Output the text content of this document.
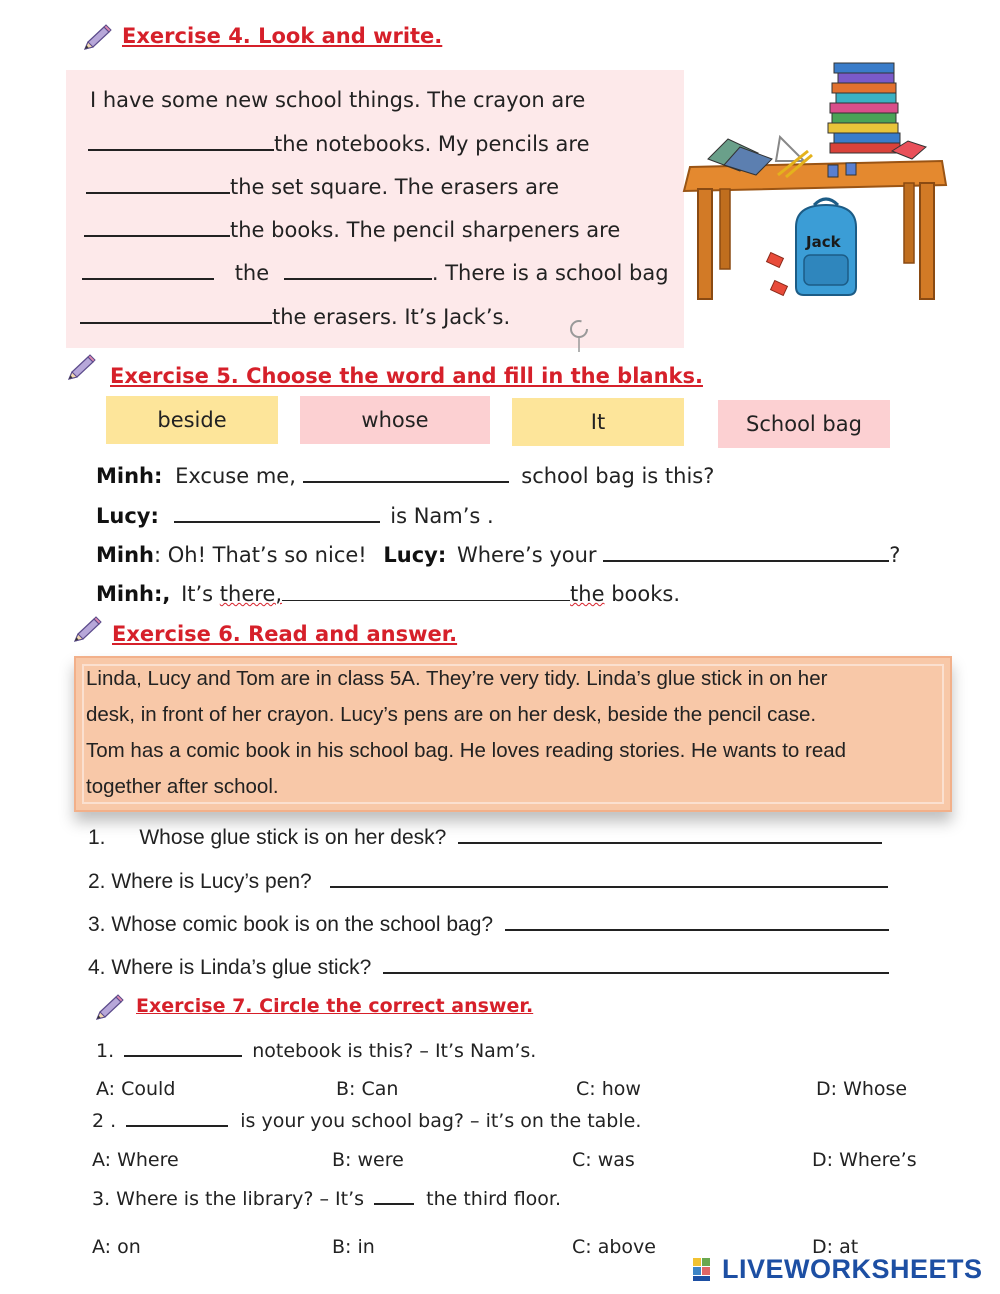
Exercise 4. Look and write.
I have some new school things. The crayon are
the notebooks. My pencils are
the set square. The erasers are
the books. The pencil sharpeners are
the	. There is a school bag
the erasers. It’s Jack’s.
Jack
Exercise 5. Choose the word and fill in the blanks.
beside	whose	It	School bag
Minh: Excuse me,	school bag is this?
Lucy:	is Nam’s .
Minh: Oh! That’s so nice! Lucy: Where’s your	?
Minh:, It’s there,	the books.
Exercise 6. Read and answer.
Linda, Lucy and Tom are in class 5A. They’re very tidy. Linda’s glue stick in on her
desk, in front of her crayon. Lucy’s pens are on her desk, beside the pencil case.
Tom has a comic book in his school bag. He loves reading stories. He wants to read
together after school.
1. Whose glue stick is on her desk?
2. Where is Lucy’s pen?
3. Whose comic book is on the school bag?
4. Where is Linda’s glue stick?
Exercise 7. Circle the correct answer.
1.	notebook is this? – It’s Nam’s.
A: Could	B: Can	C: how	D: Whose
2 .	is your you school bag? – it’s on the table.
A: Where	B: were	C: was	D: Where’s
3. Where is the library? – It’s	the third floor.
A: on	B: in	C: above	D: at
LIVEWORKSHEETS
